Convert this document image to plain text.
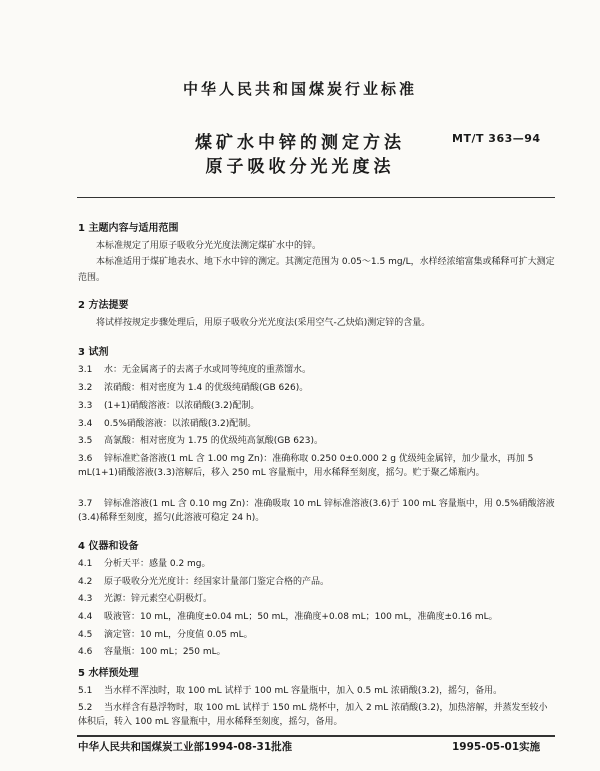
中华人民共和国煤炭行业标准
煤矿水中锌的测定方法
原子吸收分光光度法
MT/T 363—94
1 主题内容与适用范围
本标准规定了用原子吸收分光光度法测定煤矿水中的锌。
本标准适用于煤矿地表水、地下水中锌的测定。其测定范围为 0.05～1.5 mg/L，水样经浓缩富集或稀释可扩大测定范围。
2 方法提要
将试样按规定步骤处理后，用原子吸收分光光度法(采用空气-乙炔焰)测定锌的含量。
3 试剂
3.1 水：无金属离子的去离子水或同等纯度的重蒸馏水。
3.2 浓硝酸：相对密度为 1.4 的优级纯硝酸(GB 626)。
3.3 (1+1)硝酸溶液：以浓硝酸(3.2)配制。
3.4 0.5%硝酸溶液：以浓硝酸(3.2)配制。
3.5 高氯酸：相对密度为 1.75 的优级纯高氯酸(GB 623)。
3.6 锌标准贮备溶液(1 mL 含 1.00 mg Zn)：准确称取 0.250 0±0.000 2 g 优级纯金属锌，加少量水，再加 5 mL(1+1)硝酸溶液(3.3)溶解后，移入 250 mL 容量瓶中，用水稀释至刻度，摇匀。贮于聚乙烯瓶内。
3.7 锌标准溶液(1 mL 含 0.10 mg Zn)：准确吸取 10 mL 锌标准溶液(3.6)于 100 mL 容量瓶中，用 0.5%硝酸溶液(3.4)稀释至刻度，摇匀(此溶液可稳定 24 h)。
4 仪器和设备
4.1 分析天平：感量 0.2 mg。
4.2 原子吸收分光光度计：经国家计量部门鉴定合格的产品。
4.3 光源：锌元素空心阴极灯。
4.4 吸液管：10 mL，准确度±0.04 mL；50 mL，准确度+0.08 mL；100 mL，准确度±0.16 mL。
4.5 滴定管：10 mL，分度值 0.05 mL。
4.6 容量瓶：100 mL；250 mL。
5 水样预处理
5.1 当水样不浑浊时，取 100 mL 试样于 100 mL 容量瓶中，加入 0.5 mL 浓硝酸(3.2)，摇匀，备用。
5.2 当水样含有悬浮物时，取 100 mL 试样于 150 mL 烧杯中，加入 2 mL 浓硝酸(3.2)，加热溶解，并蒸发至较小体积后，转入 100 mL 容量瓶中，用水稀释至刻度，摇匀，备用。
中华人民共和国煤炭工业部1994-08-31批准	1995-05-01实施
